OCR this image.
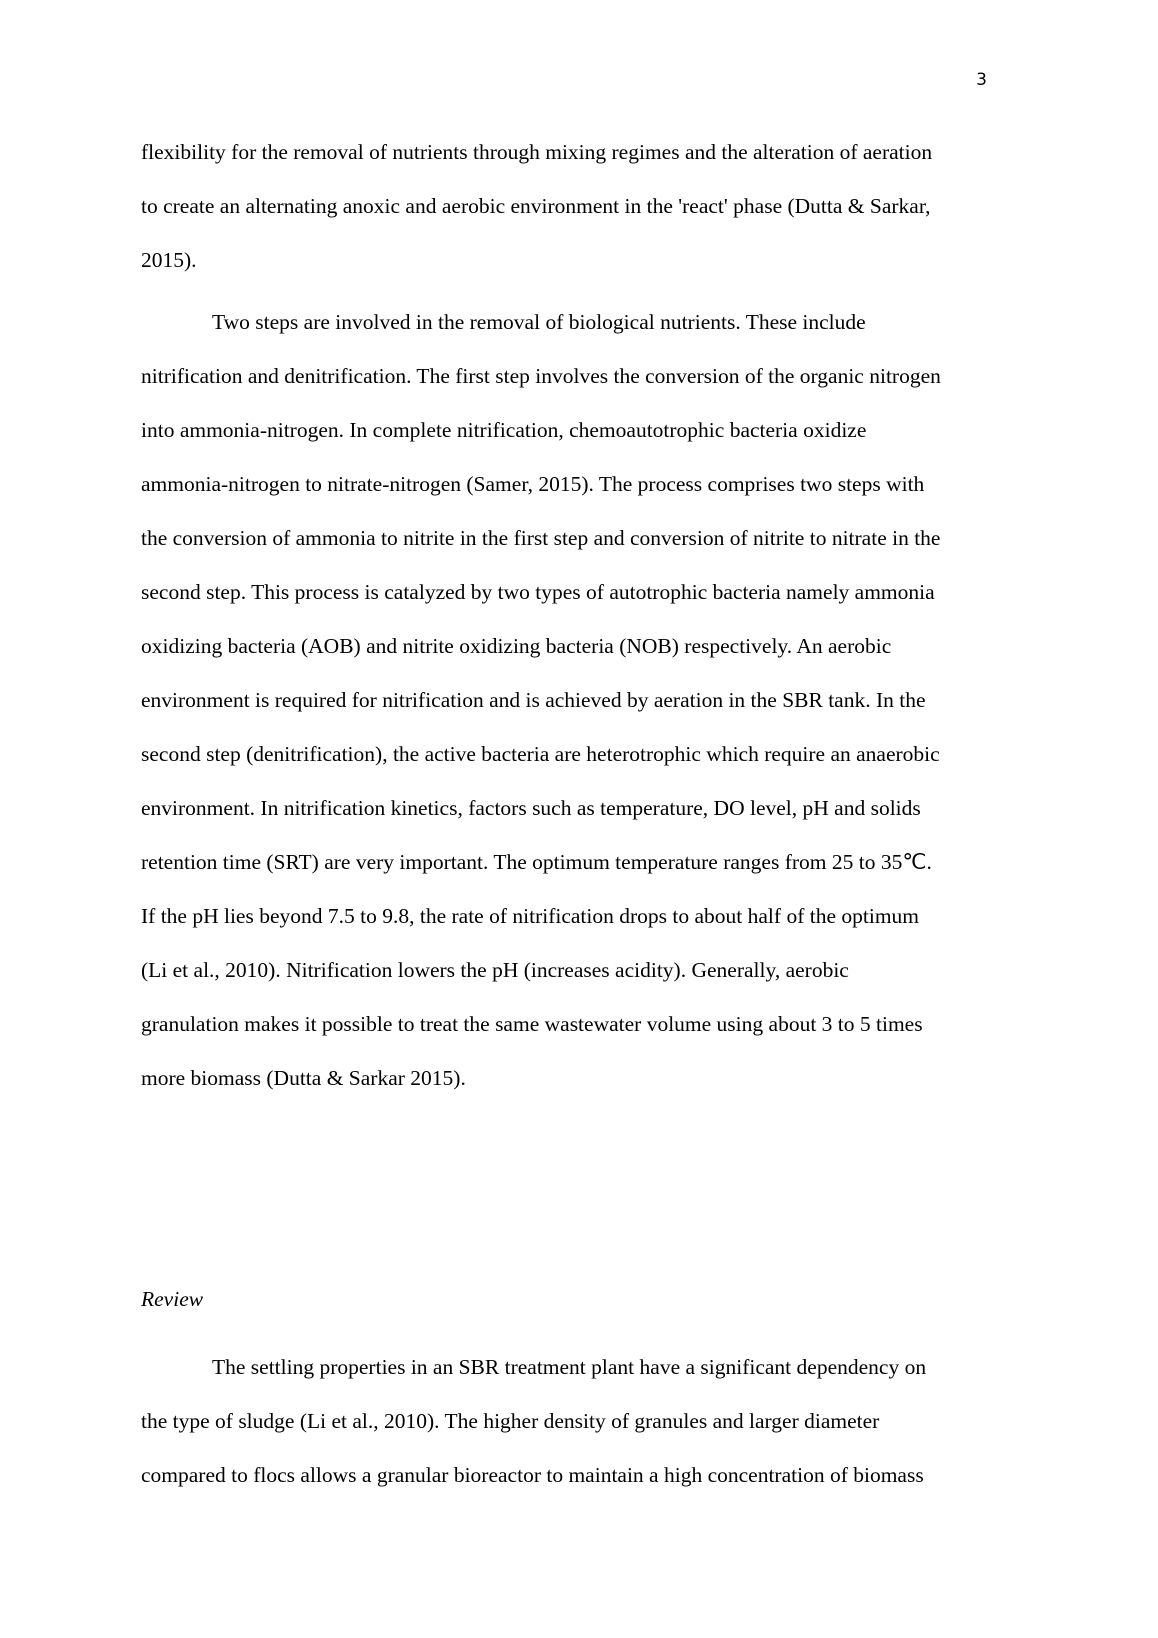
3

flexibility for the removal of nutrients through mixing regimes and the alteration of aeration
to create an alternating anoxic and aerobic environment in the 'react' phase (Dutta & Sarkar,
2015).

Two steps are involved in the removal of biological nutrients. These include
nitrification and denitrification. The first step involves the conversion of the organic nitrogen
into ammonia-nitrogen. In complete nitrification, chemoautotrophic bacteria oxidize
ammonia-nitrogen to nitrate-nitrogen (Samer, 2015). The process comprises two steps with
the conversion of ammonia to nitrite in the first step and conversion of nitrite to nitrate in the
second step. This process is catalyzed by two types of autotrophic bacteria namely ammonia
oxidizing bacteria (AOB) and nitrite oxidizing bacteria (NOB) respectively. An aerobic
environment is required for nitrification and is achieved by aeration in the SBR tank. In the
second step (denitrification), the active bacteria are heterotrophic which require an anaerobic
environment. In nitrification kinetics, factors such as temperature, DO level, pH and solids
retention time (SRT) are very important. The optimum temperature ranges from 25 to 35℃.
If the pH lies beyond 7.5 to 9.8, the rate of nitrification drops to about half of the optimum
(Li et al., 2010). Nitrification lowers the pH (increases acidity). Generally, aerobic
granulation makes it possible to treat the same wastewater volume using about 3 to 5 times
more biomass (Dutta & Sarkar 2015).

Review

The settling properties in an SBR treatment plant have a significant dependency on
the type of sludge (Li et al., 2010). The higher density of granules and larger diameter
compared to flocs allows a granular bioreactor to maintain a high concentration of biomass
